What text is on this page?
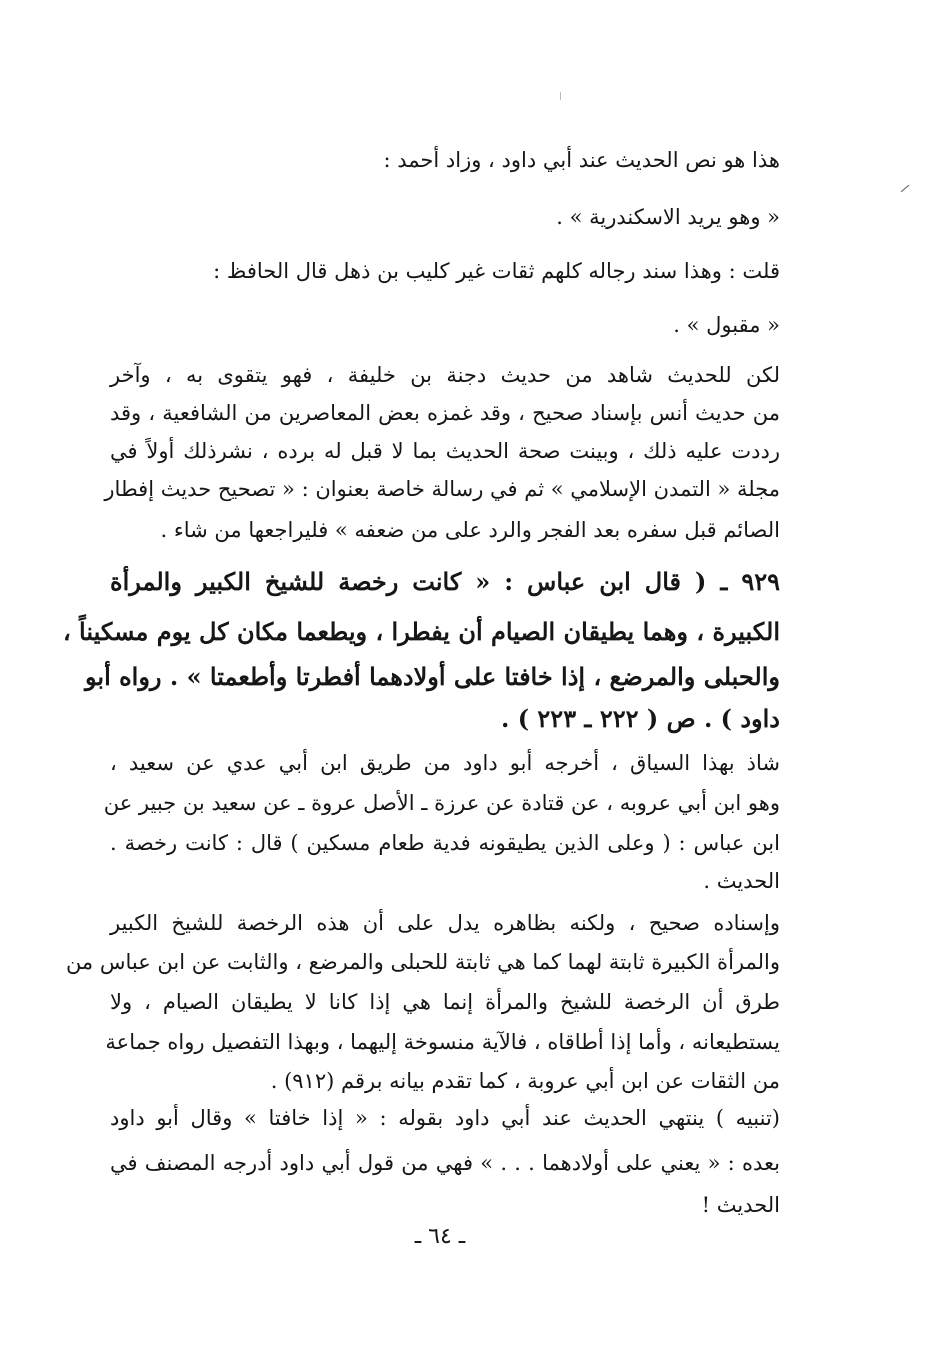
هذا هو نص الحديث عند أبي داود ، وزاد أحمد :
« وهو يريد الاسكندرية » .
قلت : وهذا سند رجاله كلهم ثقات غير كليب بن ذهل قال الحافظ :
« مقبول » .
لكن للحديث شاهد من حديث دجنة بن خليفة ، فهو يتقوى به ، وآخر
من حديث أنس بإسناد صحيح ، وقد غمزه بعض المعاصرين من الشافعية ، وقد
رددت عليه ذلك ، وبينت صحة الحديث بما لا قبل له برده ، نشرذلك أولاً في
مجلة « التمدن الإسلامي » ثم في رسالة خاصة بعنوان : « تصحيح حديث إفطار
الصائم قبل سفره بعد الفجر والرد على من ضعفه » فليراجعها من شاء .
٩٢٩ ـ ( قال ابن عباس : « كانت رخصة للشيخ الكبير والمرأة
الكبيرة ، وهما يطيقان الصيام أن يفطرا ، ويطعما مكان كل يوم مسكيناً ،
والحبلى والمرضع ، إذا خافتا على أولادهما أفطرتا وأطعمتا » . رواه أبو
داود ) . ص ( ٢٢٢ ـ ٢٢٣ ) .
شاذ بهذا السياق ، أخرجه أبو داود من طريق ابن أبي عدي عن سعيد ،
وهو ابن أبي عروبه ، عن قتادة عن عرزة ـ الأصل عروة ـ عن سعيد بن جبير عن
ابن عباس : ( وعلى الذين يطيقونه فدية طعام مسكين ) قال : كانت رخصة .
الحديث .
وإسناده صحيح ، ولكنه بظاهره يدل على أن هذه الرخصة للشيخ الكبير
والمرأة الكبيرة ثابتة لهما كما هي ثابتة للحبلى والمرضع ، والثابت عن ابن عباس من
طرق أن الرخصة للشيخ والمرأة إنما هي إذا كانا لا يطيقان الصيام ، ولا
يستطيعانه ، وأما إذا أطاقاه ، فالآية منسوخة إليهما ، وبهذا التفصيل رواه جماعة
من الثقات عن ابن أبي عروبة ، كما تقدم بيانه برقم (٩١٢) .
(تنبيه ) ينتهي الحديث عند أبي داود بقوله : « إذا خافتا » وقال أبو داود
بعده : « يعني على أولادهما . . . » فهي من قول أبي داود أدرجه المصنف في
الحديث !
ـ ٦٤ ـ
